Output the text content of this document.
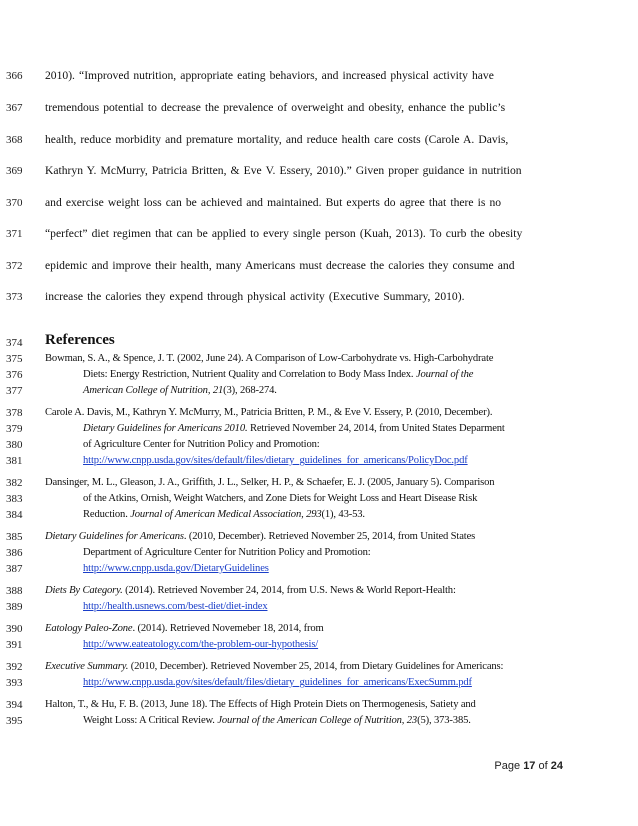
366	2010). “Improved nutrition, appropriate eating behaviors, and increased physical activity have
367	tremendous potential to decrease the prevalence of overweight and obesity, enhance the public’s
368	health, reduce morbidity and premature mortality, and reduce health care costs (Carole A. Davis,
369	Kathryn Y. McMurry, Patricia Britten, & Eve V. Essery, 2010).” Given proper guidance in nutrition
370	and exercise weight loss can be achieved and maintained. But experts do agree that there is no
371	“perfect” diet regimen that can be applied to every single person (Kuah, 2013). To curb the obesity
372	epidemic and improve their health, many Americans must decrease the calories they consume and
373	increase the calories they expend through physical activity (Executive Summary, 2010).
374	References
375	Bowman, S. A., & Spence, J. T. (2002, June 24). A Comparison of Low-Carbohydrate vs. High-Carbohydrate
376	Diets: Energy Restriction, Nutrient Quality and Correlation to Body Mass Index. Journal of the
377	American College of Nutrition, 21(3), 268-274.
378	Carole A. Davis, M., Kathryn Y. McMurry, M., Patricia Britten, P. M., & Eve V. Essery, P. (2010, December).
379	Dietary Guidelines for Americans 2010. Retrieved November 24, 2014, from United States Deparment
380	of Agriculture Center for Nutrition Policy and Promotion:
381	http://www.cnpp.usda.gov/sites/default/files/dietary_guidelines_for_americans/PolicyDoc.pdf
382	Dansinger, M. L., Gleason, J. A., Griffith, J. L., Selker, H. P., & Schaefer, E. J. (2005, January 5). Comparison
383	of the Atkins, Ornish, Weight Watchers, and Zone Diets for Weight Loss and Heart Disease Risk
384	Reduction. Journal of American Medical Association, 293(1), 43-53.
385	Dietary Guidelines for Americans. (2010, December). Retrieved November 25, 2014, from United States
386	Department of Agriculture Center for Nutrition Policy and Promotion:
387	http://www.cnpp.usda.gov/DietaryGuidelines
388	Diets By Category. (2014). Retrieved November 24, 2014, from U.S. News & World Report-Health:
389	http://health.usnews.com/best-diet/diet-index
390	Eatology Paleo-Zone. (2014). Retrieved Novemeber 18, 2014, from
391	http://www.eateatology.com/the-problem-our-hypothesis/
392	Executive Summary. (2010, December). Retrieved November 25, 2014, from Dietary Guidelines for Americans:
393	http://www.cnpp.usda.gov/sites/default/files/dietary_guidelines_for_americans/ExecSumm.pdf
394	Halton, T., & Hu, F. B. (2013, June 18). The Effects of High Protein Diets on Thermogenesis, Satiety and
395	Weight Loss: A Critical Review. Journal of the American College of Nutrition, 23(5), 373-385.
Page 17 of 24
